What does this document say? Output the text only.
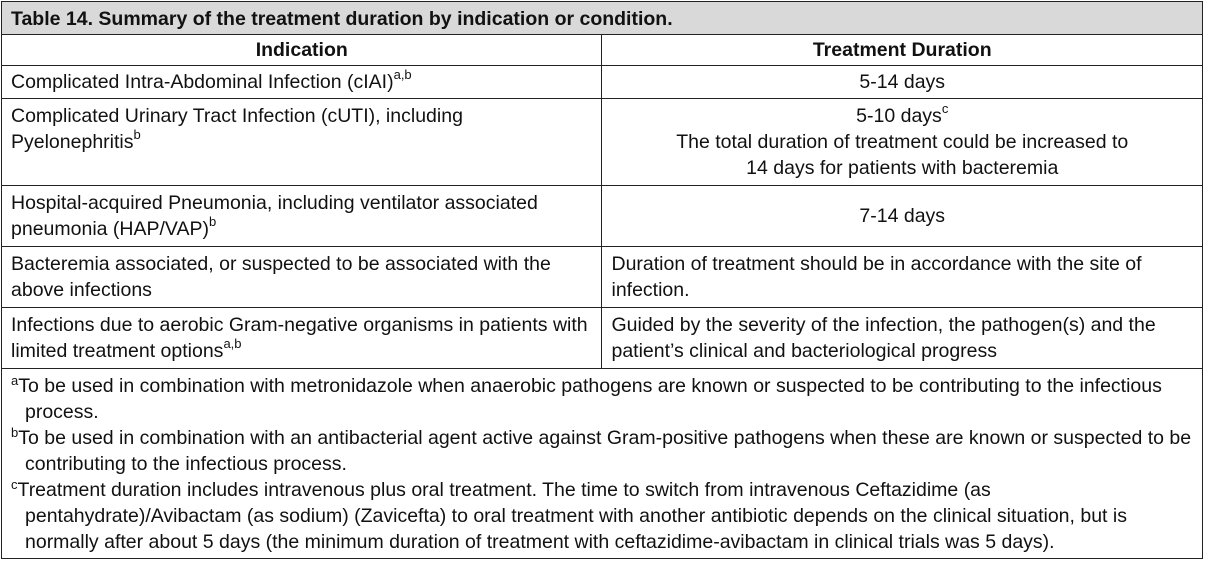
Table 14. Summary of the treatment duration by indication or condition.	
Indication	Treatment Duration
Complicated Intra-Abdominal Infection (cIAI)$^{a,b}$	5-14 days
Complicated Urinary Tract Infection (cUTI), including Pyelonephritis$^b$	5-10 days$^c$
The total duration of treatment could be increased to
14 days for patients with bacteremia
Hospital-acquired Pneumonia, including ventilator associated pneumonia $(HAP/VAP)^b$	7-14 days
Bacteremia associated, or suspected to be associated with the above infections	Duration of treatment should be in accordance with the site of infection.
Infections due to aerobic Gram-negative organisms in patients with limited treatment options$^{a,b}$	Guided by the severity of the infection, the pathogen(s) and the patient’s clinical and bacteriological progress

$^a$To be used in combination with metronidazole when anaerobic pathogens are known or suspected to be contributing to the infectious process.
$^b$To be used in combination with an antibacterial agent active against Gram-positive pathogens when these are known or suspected to be contributing to the infectious process.
$^c$Treatment duration includes intravenous plus oral treatment. The time to switch from intravenous Ceftazidime (as pentahydrate)/Avibactam (as sodium) (Zavicefta) to oral treatment with another antibiotic depends on the clinical situation, but is normally after about 5 days (the minimum duration of treatment with ceftazidime-avibactam in clinical trials was 5 days).	
